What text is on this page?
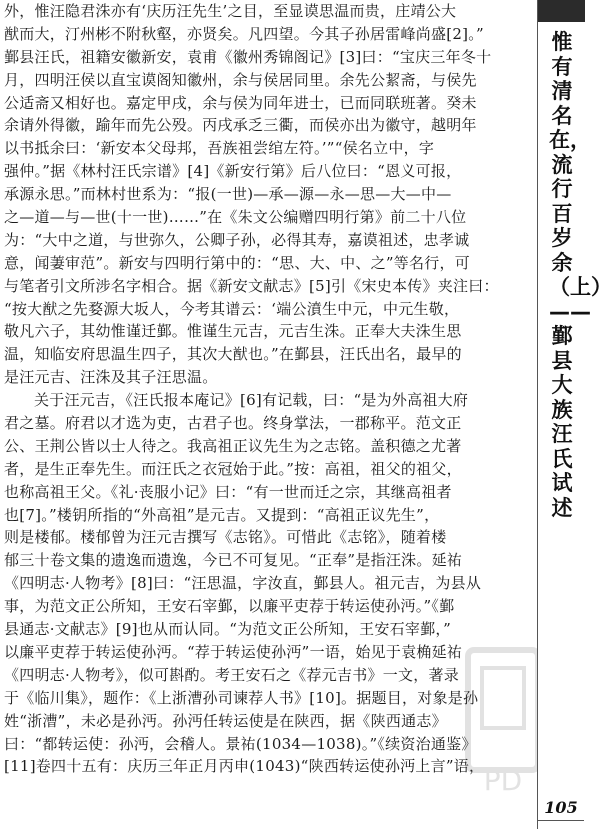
外，惟汪隐君洙亦有‘庆历汪先生’之目，至显谟思温而贵，庄靖公大
猷而大，汀州彬不附秋壑，亦贤矣。凡四望。今其子孙居雷峰尚盛[2]。”
鄞县汪氏，祖籍安徽新安，袁甫《徽州秀锦阁记》[3]曰：“宝庆三年冬十
月，四明汪侯以直宝谟阁知徽州，余与侯居同里。余先公絜斋，与侯先
公适斋又相好也。嘉定甲戌，余与侯为同年进士，已而同联班著。癸未
余请外得徽，踰年而先公殁。丙戌承乏三衢，而侯亦出为徽守，越明年
以书抵余曰：‘新安本父母邦，吾族祖尝绾左符。’”“侯名立中，字
强仲。”据《林村汪氏宗谱》[4]《新安行第》后八位曰：“恩义可报，
承源永思。”而林村世系为：“报(一世)—承—源—永—思—大—中—
之—道—与—世(十一世)……”在《朱文公编赠四明行第》前二十八位
为：“大中之道，与世弥久，公卿子孙，必得其寿，嘉谟祖述，忠孝诚
意，闻萋审范”。新安与四明行第中的：“思、大、中、之”等名行，可
与笔者引文所涉名字相合。据《新安文献志》[5]引《宋史本传》夹注曰：
“按大猷之先婺源大坂人，今考其谱云：‘端公濆生中元，中元生敬，
敬凡六子，其幼惟谨迁鄞。惟谨生元吉，元吉生洙。正奉大夫洙生思
温，知临安府思温生四子，其次大猷也。”在鄞县，汪氏出名，最早的
是汪元吉、汪洙及其子汪思温。
关于汪元吉，《汪氏报本庵记》[6]有记载，曰：“是为外高祖大府
君之墓。府君以才选为吏，古君子也。终身掌法，一郡称平。范文正
公、王荆公皆以士人待之。我高祖正议先生为之志铭。盖积德之尤著
者，是生正奉先生。而汪氏之衣冠始于此。”按：高祖，祖父的祖父，
也称高祖王父。《礼·丧服小记》曰：“有一世而迁之宗，其继高祖者
也[7]。”楼钥所指的“外高祖”是元吉。又提到：“高祖正议先生”，
则是楼郁。楼郁曾为汪元吉撰写《志铭》。可惜此《志铭》，随着楼
郁三十卷文集的遗逸而遗逸，今已不可复见。“正奉”是指汪洙。延祐
《四明志·人物考》[8]曰：“汪思温，字汝直，鄞县人。祖元吉，为县从
事，为范文正公所知，王安石宰鄞，以廉平吏荐于转运使孙沔。”《鄞
县通志·文献志》[9]也从而认同。“为范文正公所知，王安石宰鄞，”
以廉平吏荐于转运使孙沔。“荐于转运使孙沔”一语，始见于袁桷延祐
《四明志·人物考》，似可斟酌。考王安石之《荐元吉书》一文，著录
于《临川集》，题作：《上浙漕孙司谏荐人书》[10]。据题目，对象是孙
姓“浙漕”，未必是孙沔。孙沔任转运使是在陕西，据《陕西通志》
曰：“都转运使：孙沔，会稽人。景祐(1034—1038)。”《续资治通鉴》
[11]卷四十五有：庆历三年正月丙申(1043)“陕西转运使孙沔上言”语， PD
惟有清名在，流行百岁余（上）——鄞县大族汪氏试述
105
